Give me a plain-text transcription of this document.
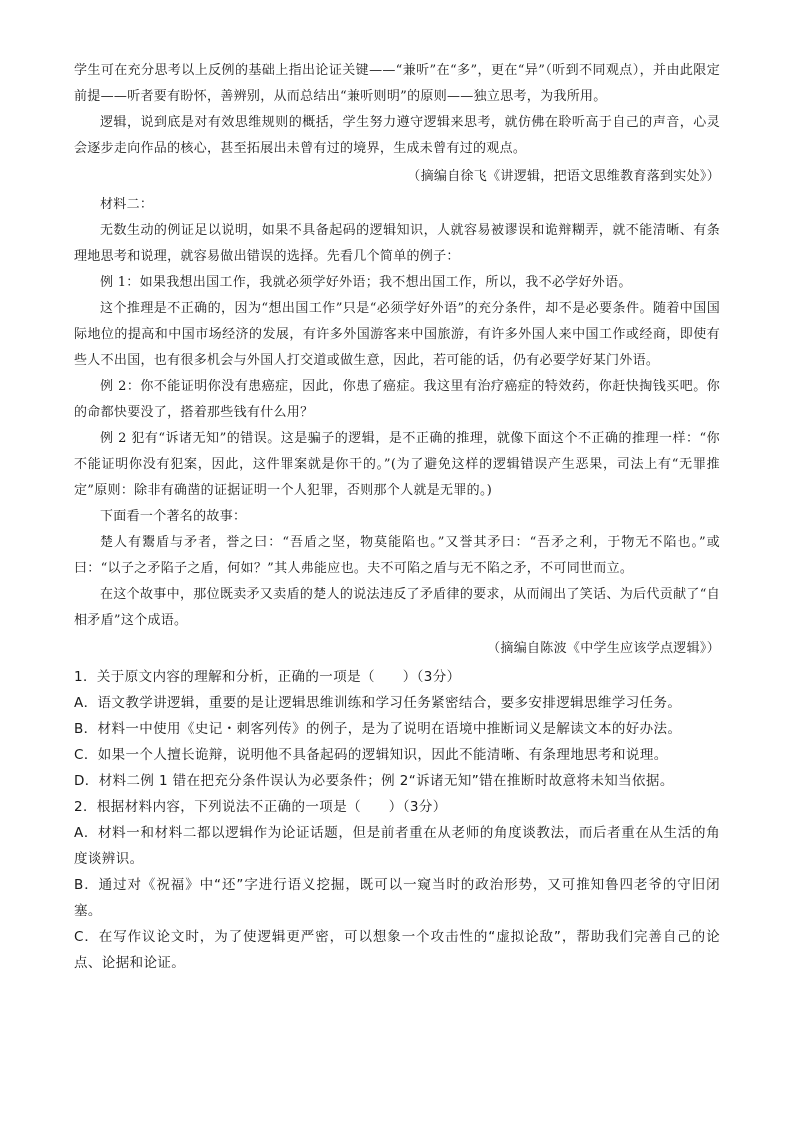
学生可在充分思考以上反例的基础上指出论证关键——“兼听”在“多”，更在“异”（听到不同观点），并由此限定前提——听者要有盼怀，善辨别，从而总结出“兼听则明”的原则——独立思考，为我所用。

逻辑，说到底是对有效思维规则的概括，学生努力遵守逻辑来思考，就仿佛在聆听高于自己的声音，心灵会逐步走向作品的核心，甚至拓展出未曾有过的境界，生成未曾有过的观点。

（摘编自徐飞《讲逻辑，把语文思维教育落到实处》）

材料二：

无数生动的例证足以说明，如果不具备起码的逻辑知识，人就容易被谬误和诡辩糊弄，就不能清晰、有条理地思考和说理，就容易做出错误的选择。先看几个简单的例子：

例 1：如果我想出国工作，我就必须学好外语；我不想出国工作，所以，我不必学好外语。

这个推理是不正确的，因为“想出国工作”只是“必须学好外语”的充分条件，却不是必要条件。随着中国国际地位的提高和中国市场经济的发展，有许多外国游客来中国旅游，有许多外国人来中国工作或经商，即使有些人不出国，也有很多机会与外国人打交道或做生意，因此，若可能的话，仍有必要学好某门外语。

例 2：你不能证明你没有患癌症，因此，你患了癌症。我这里有治疗癌症的特效药，你赶快掏钱买吧。你的命都快要没了，搭着那些钱有什么用？

例 2 犯有“诉诸无知”的错误。这是骗子的逻辑，是不正确的推理，就像下面这个不正确的推理一样：“你不能证明你没有犯案，因此，这件罪案就是你干的。”(为了避免这样的逻辑错误产生恶果，司法上有“无罪推定”原则：除非有确凿的证据证明一个人犯罪，否则那个人就是无罪的。)

下面看一个著名的故事：

楚人有鬻盾与矛者，誉之曰：“吾盾之坚，物莫能陷也。”又誉其矛曰：“吾矛之利，于物无不陷也。”或曰：“以子之矛陷子之盾，何如？”其人弗能应也。夫不可陷之盾与无不陷之矛，不可同世而立。

在这个故事中，那位既卖矛又卖盾的楚人的说法违反了矛盾律的要求，从而闹出了笑话、为后代贡献了“自相矛盾”这个成语。

（摘编自陈波《中学生应该学点逻辑》）

1．关于原文内容的理解和分析，正确的一项是（　　）（3分）

A．语文教学讲逻辑，重要的是让逻辑思维训练和学习任务紧密结合，要多安排逻辑思维学习任务。

B．材料一中使用《史记・刺客列传》的例子，是为了说明在语境中推断词义是解读文本的好办法。

C．如果一个人擅长诡辩，说明他不具备起码的逻辑知识，因此不能清晰、有条理地思考和说理。

D．材料二例 1 错在把充分条件误认为必要条件；例 2“诉诸无知”错在推断时故意将未知当依据。

2．根据材料内容，下列说法不正确的一项是（　　）（3分）

A．材料一和材料二都以逻辑作为论证话题，但是前者重在从老师的角度谈教法，而后者重在从生活的角度谈辨识。

B．通过对《祝福》中“还”字进行语义挖掘，既可以一窥当时的政治形势，又可推知鲁四老爷的守旧闭塞。

C．在写作议论文时，为了使逻辑更严密，可以想象一个攻击性的“虚拟论敌”，帮助我们完善自己的论点、论据和论证。
